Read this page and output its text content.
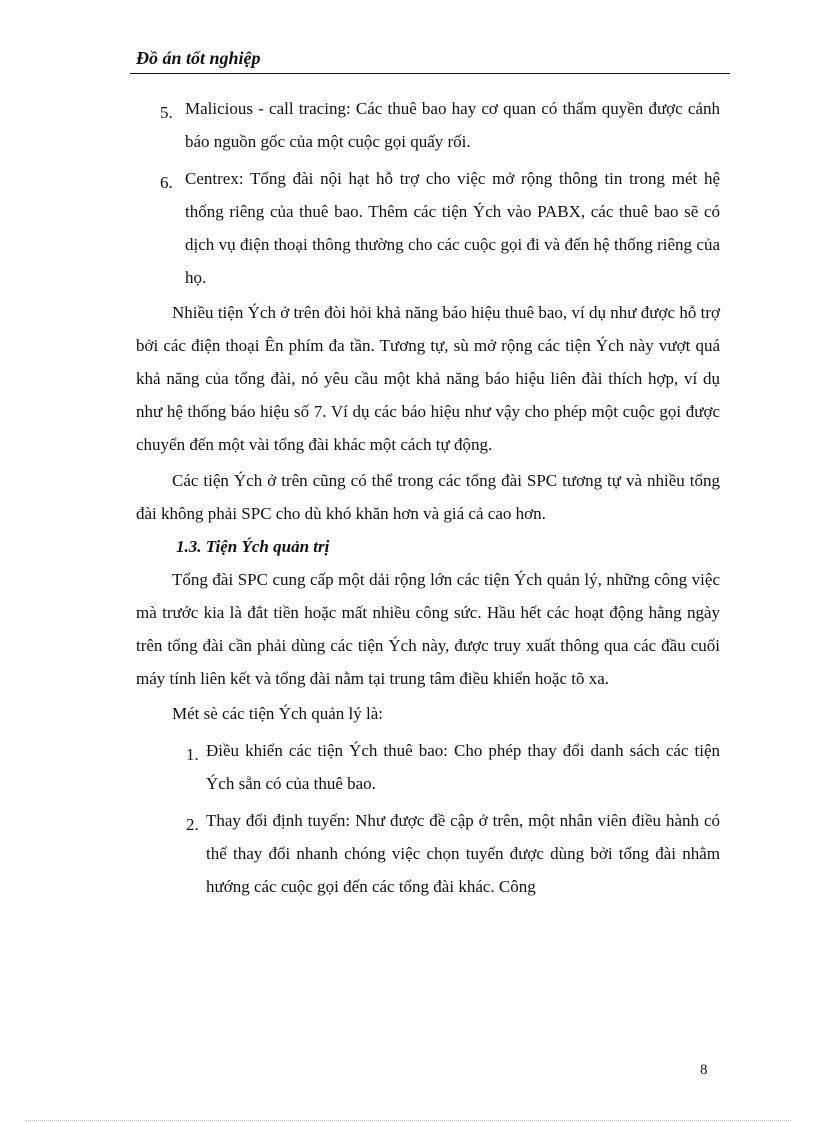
Đồ án tốt nghiệp
5. Malicious - call tracing: Các thuê bao hay cơ quan có thẩm quyền được cảnh báo nguồn gốc của một cuộc gọi quấy rối.
6. Centrex: Tổng đài nội hạt hỗ trợ cho việc mở rộng thông tin trong mét hệ thống riêng của thuê bao. Thêm các tiện Ých vào PABX, các thuê bao sẽ có dịch vụ điện thoại thông thường cho các cuộc gọi đi và đến hệ thống riêng của họ.

Nhiều tiện Ých ở trên đòi hỏi khả năng báo hiệu thuê bao, ví dụ như được hỗ trợ bởi các điện thoại Ên phím đa tần. Tương tự, sù mở rộng các tiện Ých này vượt quá khả năng của tổng đài, nó yêu cầu một khả năng báo hiệu liên đài thích hợp, ví dụ như hệ thống báo hiệu số 7. Ví dụ các báo hiệu như vậy cho phép một cuộc gọi được chuyển đến một vài tổng đài khác một cách tự động.

Các tiện Ých ở trên cũng có thể trong các tổng đài SPC tương tự và nhiều tổng đài không phải SPC cho dù khó khăn hơn và giá cả cao hơn.

1.3. Tiện Ých quản trị

Tổng đài SPC cung cấp một dải rộng lớn các tiện Ých quản lý, những công việc mà trước kia là đắt tiền hoặc mất nhiều công sức. Hầu hết các hoạt động hằng ngày trên tổng đài cần phải dùng các tiện Ých này, được truy xuất thông qua các đầu cuối máy tính liên kết và tổng đài nằm tại trung tâm điều khiển hoặc tõ xa.

Mét sè các tiện Ých quản lý là:

1. Điều khiển các tiện Ých thuê bao: Cho phép thay đổi danh sách các tiện Ých sẵn có của thuê bao.
2. Thay đổi định tuyến: Như được đề cập ở trên, một nhân viên điều hành có thể thay đổi nhanh chóng việc chọn tuyến được dùng bởi tổng đài nhằm hướng các cuộc gọi đến các tổng đài khác. Công
8
